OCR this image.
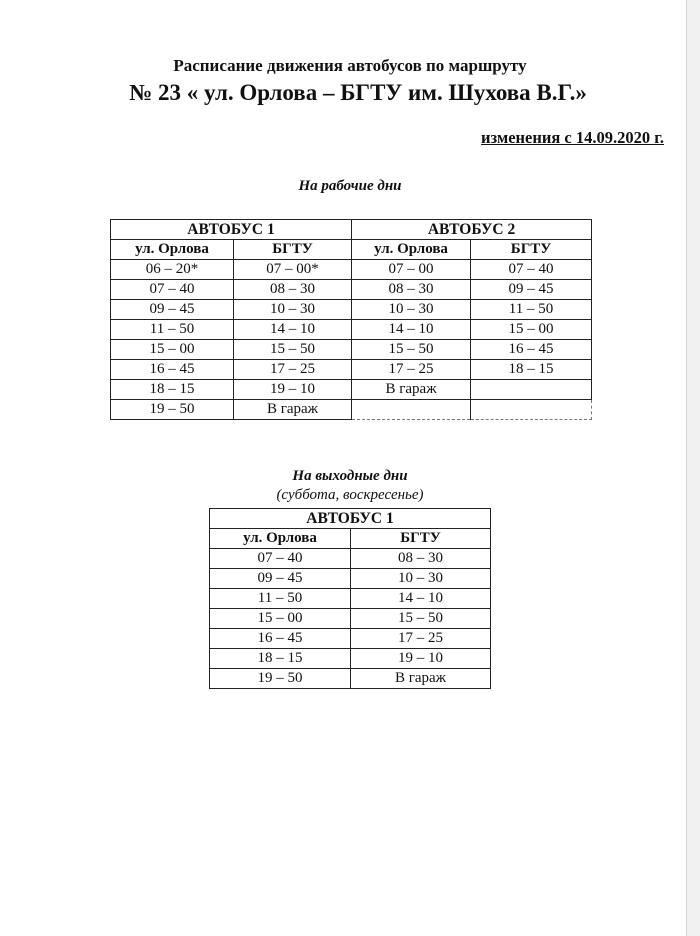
Расписание движения автобусов по маршруту
№ 23 « ул. Орлова – БГТУ им. Шухова В.Г.»
изменения с 14.09.2020 г.
На рабочие дни
АВТОБУС 1		АВТОБУС 2	
ул. Орлова	БГТУ	ул. Орлова	БГТУ
06 – 20*	07 – 00*	07 – 00	07 – 40
07 – 40	08 – 30	08 – 30	09 – 45
09 – 45	10 – 30	10 – 30	11 – 50
11 – 50	14 – 10	14 – 10	15 – 00
15 – 00	15 – 50	15 – 50	16 – 45
16 – 45	17 – 25	17 – 25	18 – 15
18 – 15	19 – 10	В гараж	
19 – 50	В гараж		
На выходные дни
(суббота, воскресенье)
АВТОБУС 1	
ул. Орлова	БГТУ
07 – 40	08 – 30
09 – 45	10 – 30
11 – 50	14 – 10
15 – 00	15 – 50
16 – 45	17 – 25
18 – 15	19 – 10
19 – 50	В гараж
